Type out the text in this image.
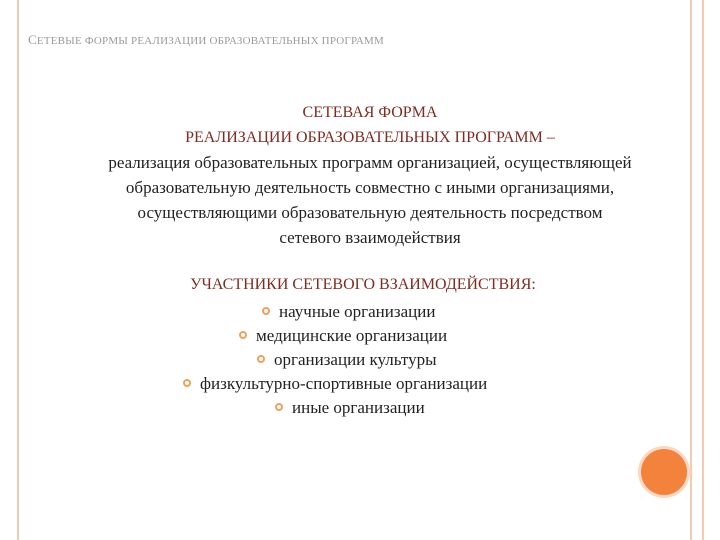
СЕТЕВЫЕ ФОРМЫ РЕАЛИЗАЦИИ ОБРАЗОВАТЕЛЬНЫХ ПРОГРАММ
СЕТЕВАЯ ФОРМА
РЕАЛИЗАЦИИ ОБРАЗОВАТЕЛЬНЫХ ПРОГРАММ –
реализация образовательных программ организацией, осуществляющей
образовательную деятельность совместно с иными организациями,
осуществляющими образовательную деятельность посредством
сетевого взаимодействия
УЧАСТНИКИ СЕТЕВОГО ВЗАИМОДЕЙСТВИЯ:
научные организации
медицинские организации
организации культуры
физкультурно-спортивные организации
иные организации
